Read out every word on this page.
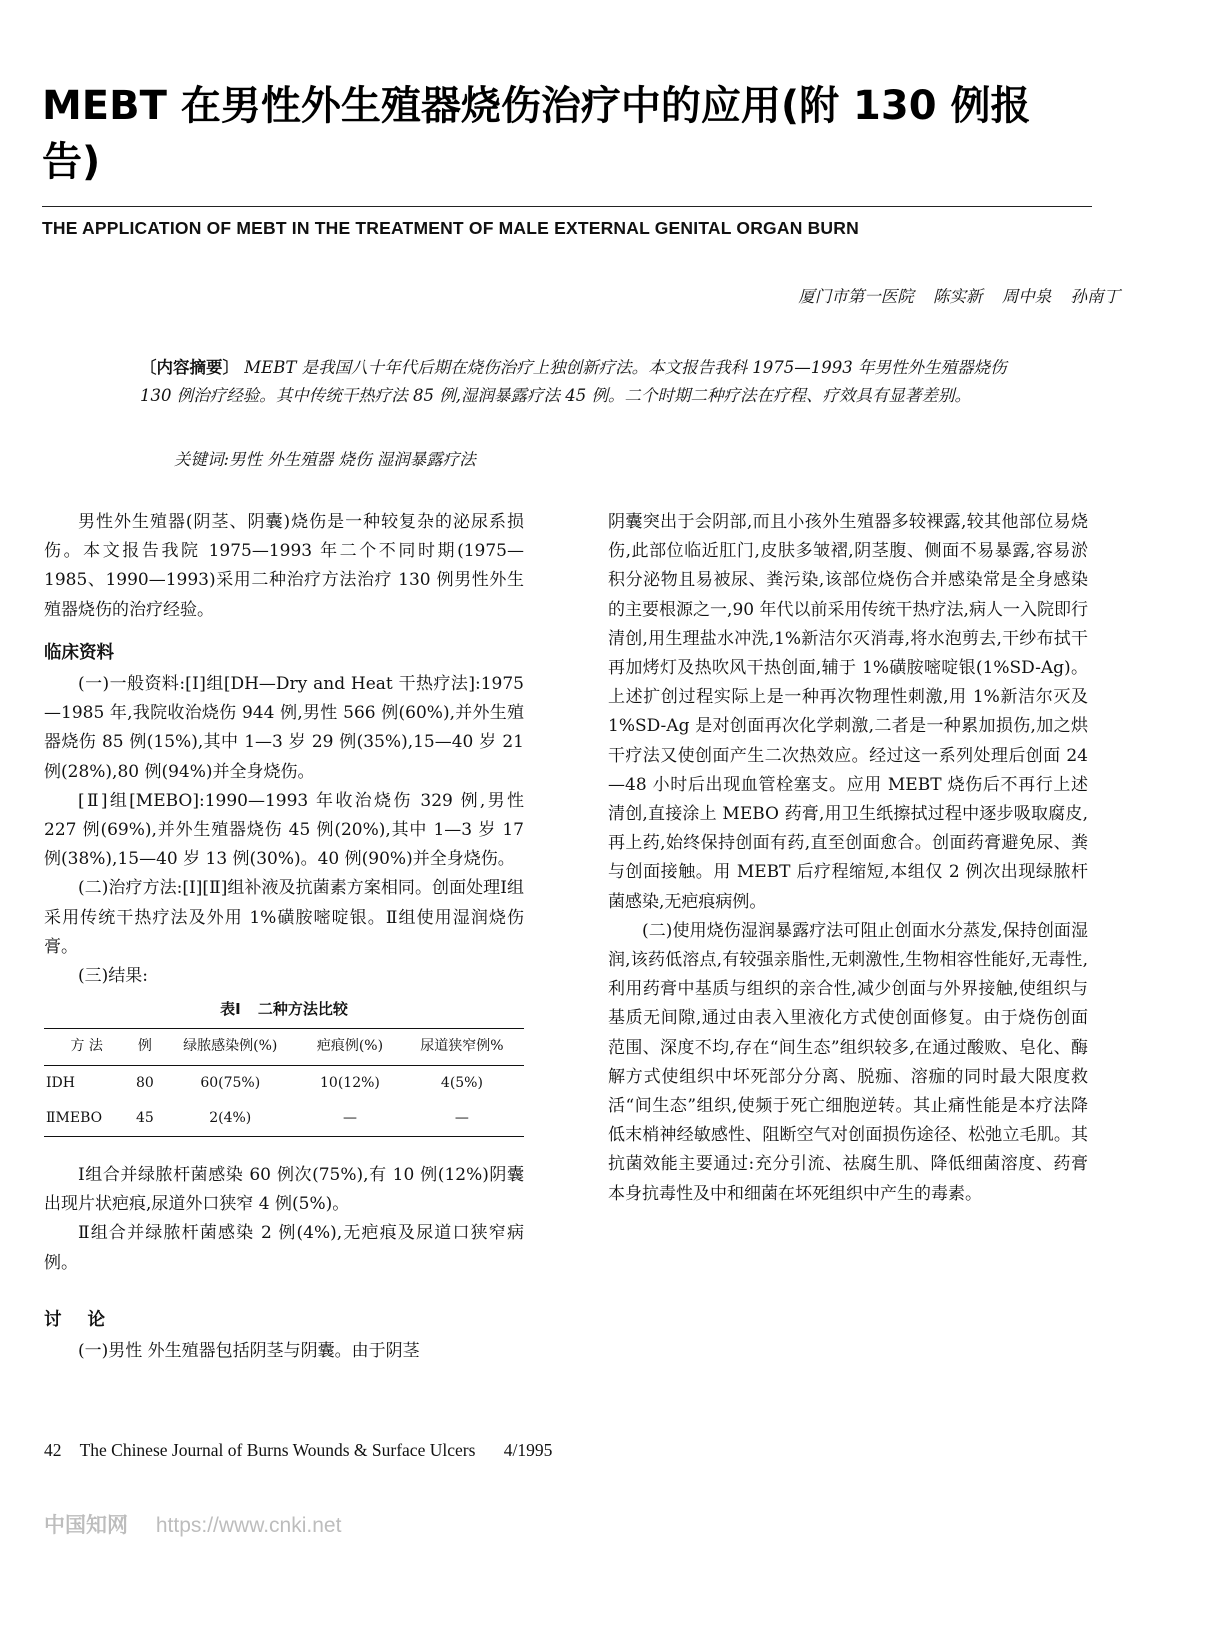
MEBT 在男性外生殖器烧伤治疗中的应用(附 130 例报告)

THE APPLICATION OF MEBT IN THE TREATMENT OF MALE EXTERNAL GENITAL ORGAN BURN

厦门市第一医院 陈实新 周中泉 孙南丁

〔内容摘要〕 MEBT 是我国八十年代后期在烧伤治疗上独创新疗法。本文报告我科 1975—1993 年男性外生殖器烧伤 130 例治疗经验。其中传统干热疗法 85 例,湿润暴露疗法 45 例。二个时期二种疗法在疗程、疗效具有显著差别。

关键词:男性 外生殖器 烧伤 湿润暴露疗法

男性外生殖器(阴茎、阴囊)烧伤是一种较复杂的泌尿系损伤。本文报告我院 1975—1993 年二个不同时期(1975—1985、1990—1993)采用二种治疗方法治疗 130 例男性外生殖器烧伤的治疗经验。

临床资料

(一)一般资料:[Ⅰ]组[DH—Dry and Heat 干热疗法]:1975—1985 年,我院收治烧伤 944 例,男性 566 例(60%),并外生殖器烧伤 85 例(15%),其中 1—3 岁 29 例(35%),15—40 岁 21 例(28%),80 例(94%)并全身烧伤。

[Ⅱ]组[MEBO]:1990—1993 年收治烧伤 329 例,男性 227 例(69%),并外生殖器烧伤 45 例(20%),其中 1—3 岁 17 例(38%),15—40 岁 13 例(30%)。40 例(90%)并全身烧伤。

(二)治疗方法:[Ⅰ][Ⅱ]组补液及抗菌素方案相同。创面处理Ⅰ组采用传统干热疗法及外用 1%磺胺嘧啶银。Ⅱ组使用湿润烧伤膏。

(三)结果:

表Ⅰ 二种方法比较
方 法	例	绿脓感染例(%)	疤痕例(%)	尿道狭窄例%
ⅠDH	80	60(75%)	10(12%)	4(5%)
ⅡMEBO	45	2(4%)	—	—

Ⅰ组合并绿脓杆菌感染 60 例次(75%),有 10 例(12%)阴囊出现片状疤痕,尿道外口狭窄 4 例(5%)。

Ⅱ组合并绿脓杆菌感染 2 例(4%),无疤痕及尿道口狭窄病例。

讨论

(一)男性 外生殖器包括阴茎与阴囊。由于阴茎

阴囊突出于会阴部,而且小孩外生殖器多较裸露,较其他部位易烧伤,此部位临近肛门,皮肤多皱褶,阴茎腹、侧面不易暴露,容易淤积分泌物且易被尿、粪污染,该部位烧伤合并感染常是全身感染的主要根源之一,90 年代以前采用传统干热疗法,病人一入院即行清创,用生理盐水冲洗,1%新洁尔灭消毒,将水泡剪去,干纱布拭干再加烤灯及热吹风干热创面,辅于 1%磺胺嘧啶银(1%SD-Ag)。上述扩创过程实际上是一种再次物理性刺激,用 1%新洁尔灭及 1%SD-Ag 是对创面再次化学刺激,二者是一种累加损伤,加之烘干疗法又使创面产生二次热效应。经过这一系列处理后创面 24—48 小时后出现血管栓塞支。应用 MEBT 烧伤后不再行上述清创,直接涂上 MEBO 药膏,用卫生纸擦拭过程中逐步吸取腐皮,再上药,始终保持创面有药,直至创面愈合。创面药膏避免尿、粪与创面接触。用 MEBT 后疗程缩短,本组仅 2 例次出现绿脓杆菌感染,无疤痕病例。

(二)使用烧伤湿润暴露疗法可阻止创面水分蒸发,保持创面湿润,该药低溶点,有较强亲脂性,无刺激性,生物相容性能好,无毒性,利用药膏中基质与组织的亲合性,减少创面与外界接触,使组织与基质无间隙,通过由表入里液化方式使创面修复。由于烧伤创面范围、深度不均,存在“间生态”组织较多,在通过酸败、皂化、酶解方式使组织中坏死部分分离、脱痂、溶痂的同时最大限度救活“间生态”组织,使频于死亡细胞逆转。其止痛性能是本疗法降低末梢神经敏感性、阻断空气对创面损伤途径、松弛立毛肌。其抗菌效能主要通过:充分引流、祛腐生肌、降低细菌溶度、药膏本身抗毒性及中和细菌在坏死组织中产生的毒素。

42 The Chinese Journal of Burns Wounds & Surface Ulcers 4/1995

中国知网 https://www.cnki.net
